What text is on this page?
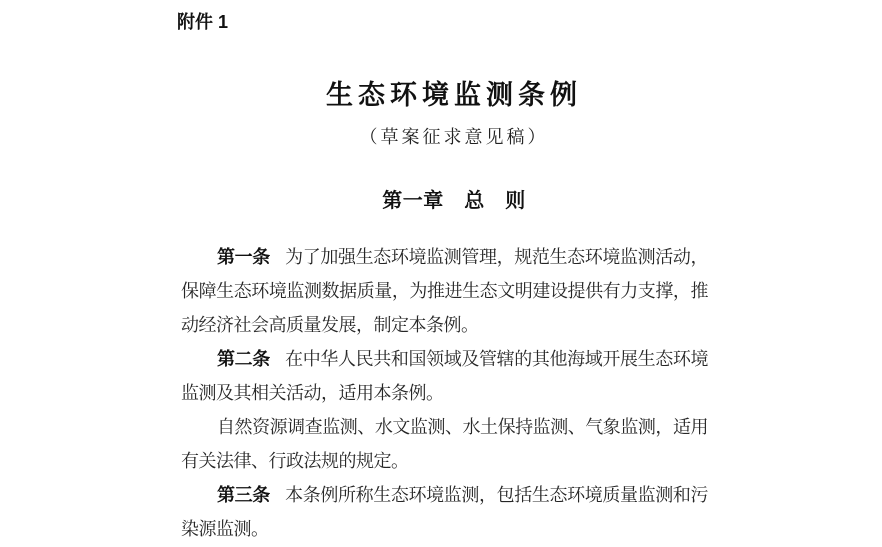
附件 1
生态环境监测条例
（草案征求意见稿）
第一章　总　则

第一条 为了加强生态环境监测管理，规范生态环境监测活动，保障生态环境监测数据质量，为推进生态文明建设提供有力支撑，推动经济社会高质量发展，制定本条例。

第二条 在中华人民共和国领域及管辖的其他海域开展生态环境监测及其相关活动，适用本条例。

自然资源调查监测、水文监测、水土保持监测、气象监测，适用有关法律、行政法规的规定。

第三条 本条例所称生态环境监测，包括生态环境质量监测和污染源监测。
